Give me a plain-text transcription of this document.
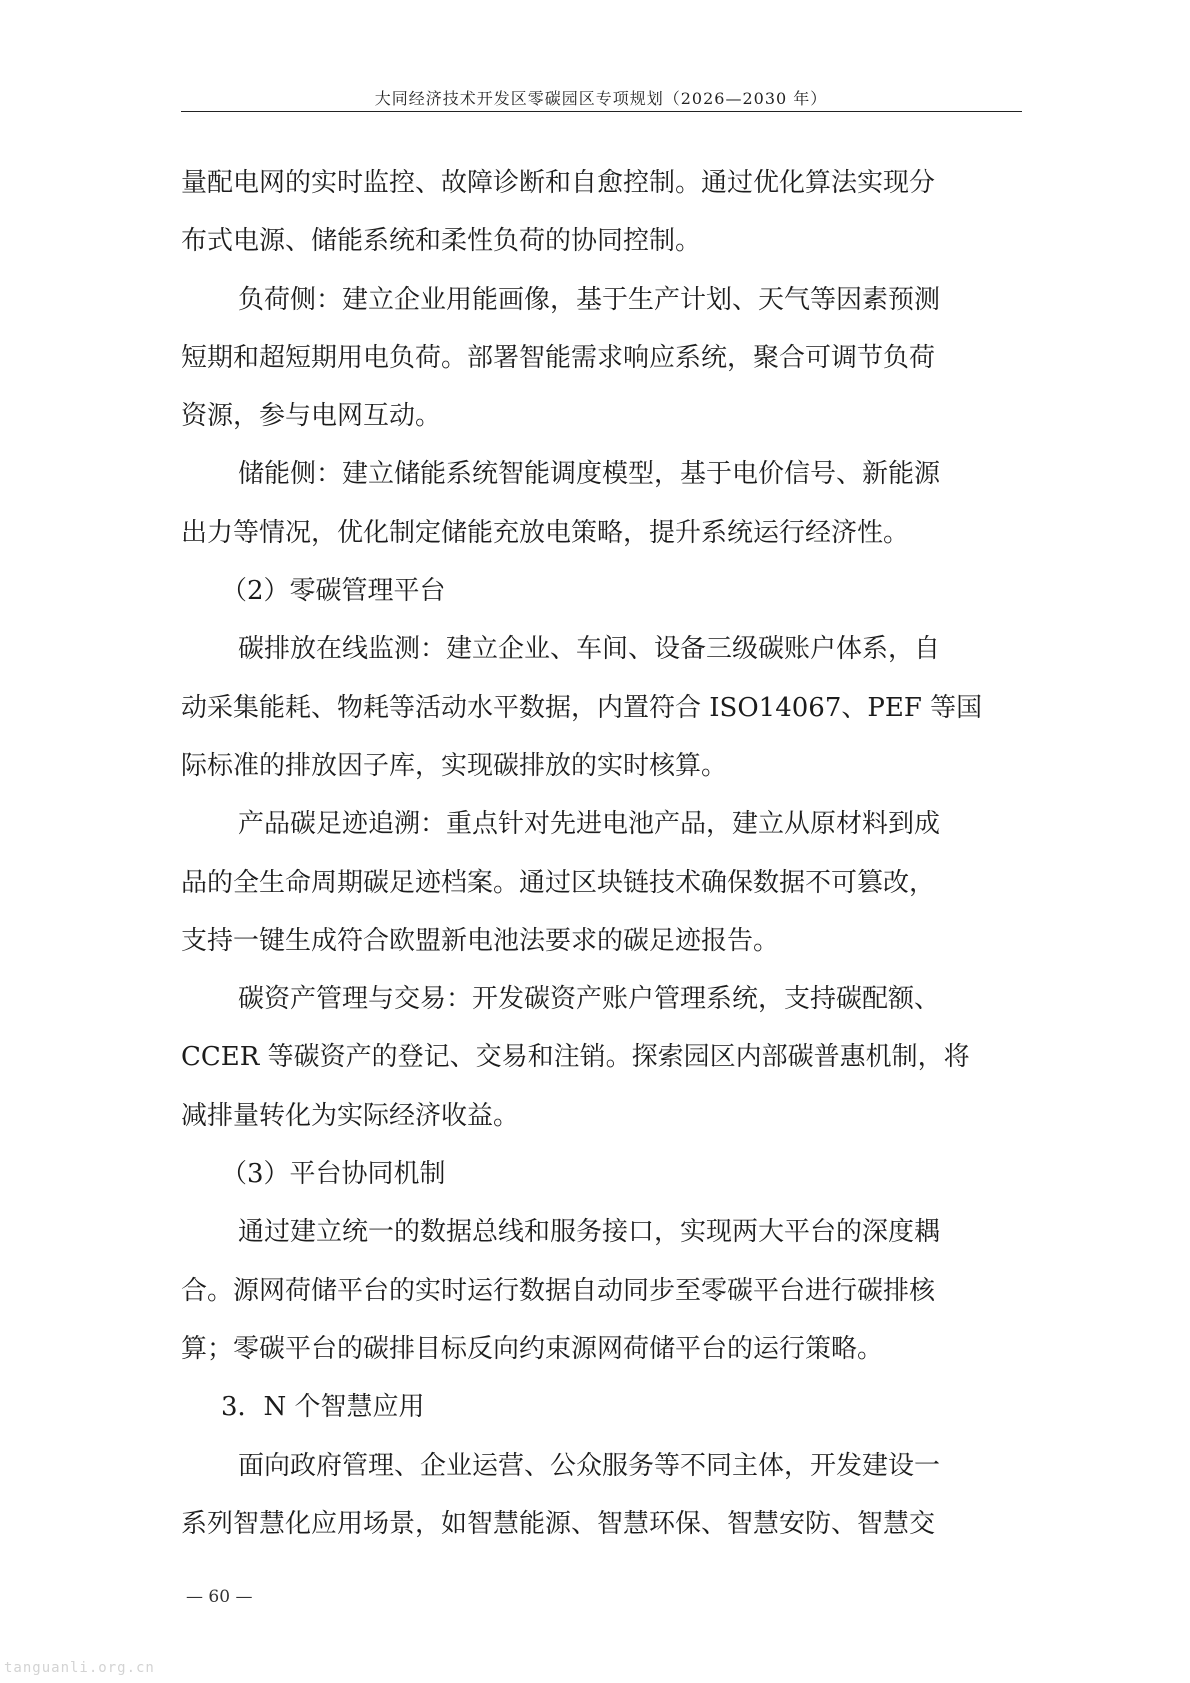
大同经济技术开发区零碳园区专项规划（2026—2030 年）
量配电网的实时监控、故障诊断和自愈控制。通过优化算法实现分
布式电源、储能系统和柔性负荷的协同控制。
负荷侧：建立企业用能画像，基于生产计划、天气等因素预测
短期和超短期用电负荷。部署智能需求响应系统，聚合可调节负荷
资源，参与电网互动。
储能侧：建立储能系统智能调度模型，基于电价信号、新能源
出力等情况，优化制定储能充放电策略，提升系统运行经济性。
（2）零碳管理平台
碳排放在线监测：建立企业、车间、设备三级碳账户体系，自
动采集能耗、物耗等活动水平数据，内置符合 ISO14067、PEF 等国
际标准的排放因子库，实现碳排放的实时核算。
产品碳足迹追溯：重点针对先进电池产品，建立从原材料到成
品的全生命周期碳足迹档案。通过区块链技术确保数据不可篡改，
支持一键生成符合欧盟新电池法要求的碳足迹报告。
碳资产管理与交易：开发碳资产账户管理系统，支持碳配额、
CCER 等碳资产的登记、交易和注销。探索园区内部碳普惠机制，将
减排量转化为实际经济收益。
（3）平台协同机制
通过建立统一的数据总线和服务接口，实现两大平台的深度耦
合。源网荷储平台的实时运行数据自动同步至零碳平台进行碳排核
算；零碳平台的碳排目标反向约束源网荷储平台的运行策略。
3．N 个智慧应用
面向政府管理、企业运营、公众服务等不同主体，开发建设一
系列智慧化应用场景，如智慧能源、智慧环保、智慧安防、智慧交
— 60 —
tanguanli.org.cn
